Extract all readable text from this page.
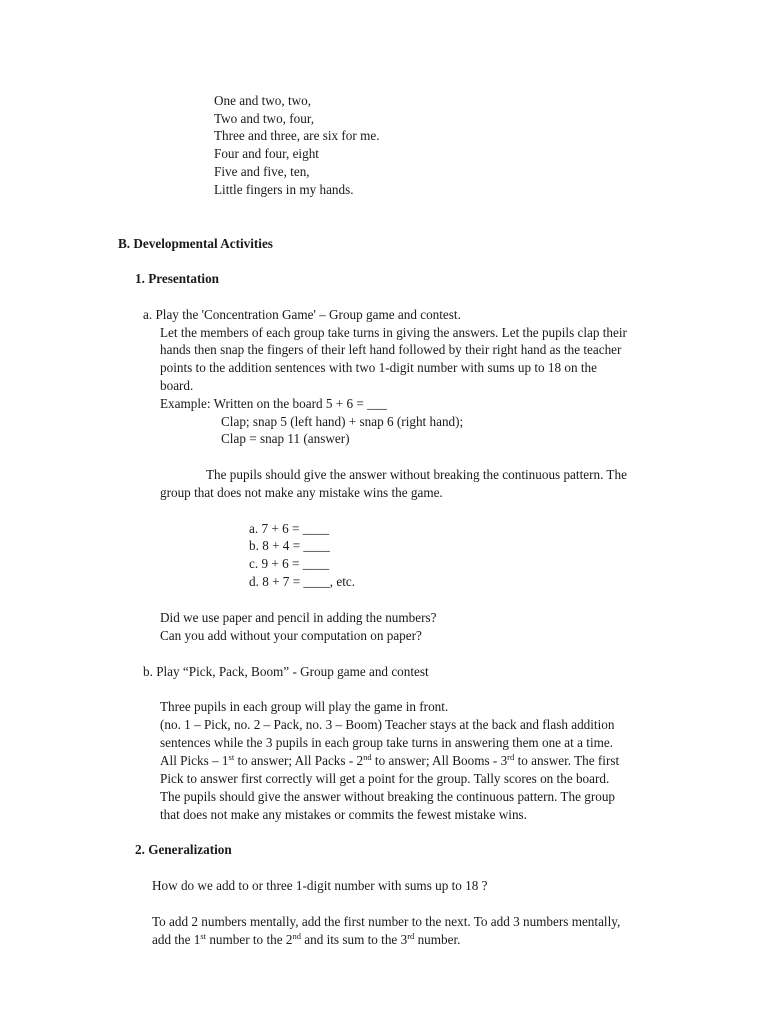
One and two, two,
Two and two, four,
Three and three, are six for me.
Four and four, eight
Five and five, ten,
Little fingers in my hands.
B. Developmental Activities
1. Presentation
a. Play the 'Concentration Game' – Group game and contest.
Let the members of each group take turns in giving the answers. Let the pupils clap their
hands then snap the fingers of their left hand followed by their right hand as the teacher
points to the addition sentences with two 1-digit number with sums up to 18 on the
board.
Example: Written on the board 5 + 6 = ___
Clap; snap 5 (left hand) + snap 6 (right hand);
Clap = snap 11 (answer)
The pupils should give the answer without breaking the continuous pattern. The
group that does not make any mistake wins the game.
a. 7 + 6 = ____
b. 8 + 4 = ____
c. 9 + 6 = ____
d. 8 + 7 = ____, etc.
Did we use paper and pencil in adding the numbers?
Can you add without your computation on paper?
b. Play “Pick, Pack, Boom” - Group game and contest
Three pupils in each group will play the game in front.
(no. 1 – Pick, no. 2 – Pack, no. 3 – Boom) Teacher stays at the back and flash addition
sentences while the 3 pupils in each group take turns in answering them one at a time.
All Picks – 1st to answer; All Packs - 2nd to answer; All Booms - 3rd to answer. The first
Pick to answer first correctly will get a point for the group. Tally scores on the board.
The pupils should give the answer without breaking the continuous pattern. The group
that does not make any mistakes or commits the fewest mistake wins.
2. Generalization
How do we add to or three 1-digit number with sums up to 18 ?
To add 2 numbers mentally, add the first number to the next. To add 3 numbers mentally,
add the 1st number to the 2nd and its sum to the 3rd number.
